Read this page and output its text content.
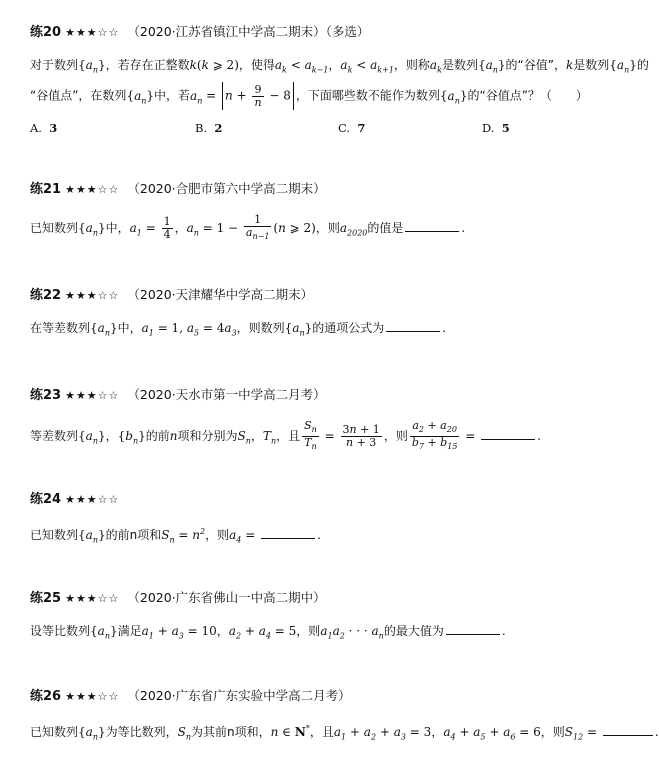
练20 ★★★☆☆ （2020·江苏省镇江中学高二期末）（多选）
对于数列$\{a_n\}$，若存在正整数k(k ⩾ 2)，使得$a_k < a_{k-1}$，$a_k < a_{k+1}$，则称$a_k$是数列$\{a_n\}$的“谷值”，k是数列$\{a_n\}$的
“谷值点”，在数列$\{a_n\}$中，若$a_n = n + \frac{9}{n} - 8$ ，下面哪些数不能作为数列$\{a_n\}$的“谷值点”？（　　）
A. 3	B. 2	C. 7	D. 5
练21 ★★★☆☆ （2020·合肥市第六中学高二期末）
已知数列$\{a_n\}$中，$a_1 = \frac{1}{4}$ ，$a_n = 1 - \frac{1}{a_{n-1}} (n$ ⩾ 2)，则$a_{2020}$的值是	.
练22 ★★★☆☆ （2020·天津耀华中学高二期末）
在等差数列$\{a_n\}$中，$a_1 = 1$, $a_5 = 4a_3$，则数列$\{a_n\}$的通项公式为	.
练23 ★★★☆☆ （2020·天水市第一中学高二月考）
等差数列$\{a_n\}$，$\{b_n\}$的前n项和分别为$S_n$，$T_n$，且 $\frac{S_n}{T_n} = \frac{3n + 1}{n + 3}$ ，则 $\frac{a_2 + a_{20}}{b_7 + b_{15}}$ =	.
练24 ★★★☆☆
已知数列$\{a_n\}$的前n项和$S_n = n^2$，则$a_4$ =	.
练25 ★★★☆☆ （2020·广东省佛山一中高二期中）
设等比数列$\{a_n\}$满足$a_1 + a_3 = 10$，$a_2 + a_4 = 5$，则$a_1a_2$ · · · $a_n$的最大值为	.
练26 ★★★☆☆ （2020·广东省广东实验中学高二月考）
已知数列$\{a_n\}$为等比数列，$S_n$为其前n项和，n ∈ N*，且$a_1 + a_2 + a_3 = 3$，$a_4 + a_5 + a_6 = 6$，则$S_{12}$ =	.
